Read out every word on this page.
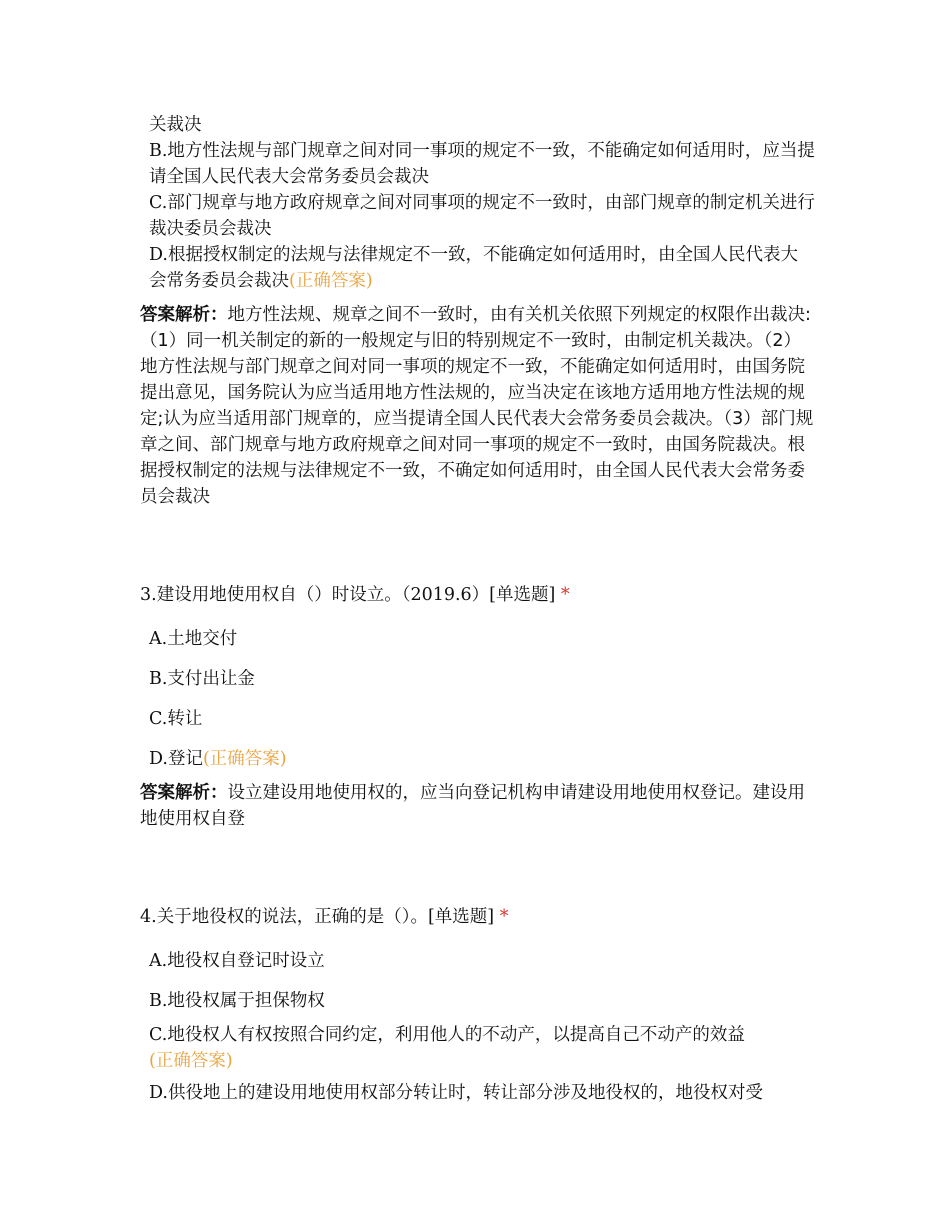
关裁决
B.地方性法规与部门规章之间对同一事项的规定不一致，不能确定如何适用时，应当提请全国人民代表大会常务委员会裁决
C.部门规章与地方政府规章之间对同事项的规定不一致时，由部门规章的制定机关进行裁决委员会裁决
D.根据授权制定的法规与法律规定不一致，不能确定如何适用时，由全国人民代表大会常务委员会裁决(正确答案)
答案解析：地方性法规、规章之间不一致时，由有关机关依照下列规定的权限作出裁决:（1）同一机关制定的新的一般规定与旧的特别规定不一致时，由制定机关裁决。（2）地方性法规与部门规章之间对同一事项的规定不一致，不能确定如何适用时，由国务院提出意见，国务院认为应当适用地方性法规的，应当决定在该地方适用地方性法规的规定;认为应当适用部门规章的，应当提请全国人民代表大会常务委员会裁决。（3）部门规章之间、部门规章与地方政府规章之间对同一事项的规定不一致时，由国务院裁决。根据授权制定的法规与法律规定不一致，不确定如何适用时，由全国人民代表大会常务委员会裁决
3.建设用地使用权自（）时设立。（2019.6）[单选题] *
A.土地交付
B.支付出让金
C.转让
D.登记(正确答案)
答案解析：设立建设用地使用权的，应当向登记机构申请建设用地使用权登记。建设用地使用权自登
4.关于地役权的说法，正确的是（）。[单选题] *
A.地役权自登记时设立
B.地役权属于担保物权
C.地役权人有权按照合同约定，利用他人的不动产，以提高自己不动产的效益
(正确答案)
D.供役地上的建设用地使用权部分转让时，转让部分涉及地役权的，地役权对受
